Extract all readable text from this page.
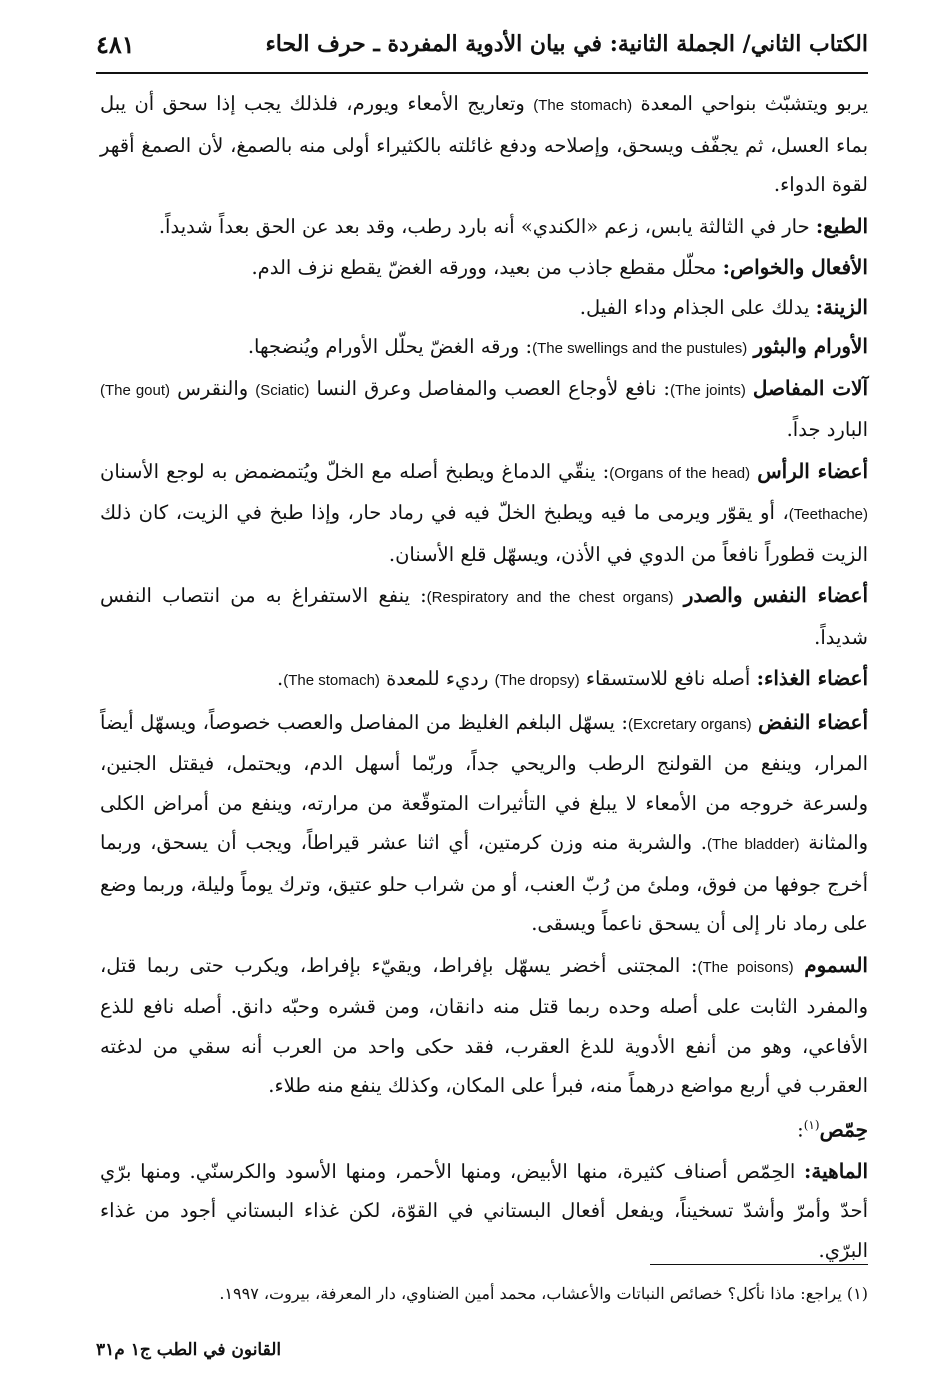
الكتاب الثاني/ الجملة الثانية: في بيان الأدوية المفردة ـ حرف الحاء
٤٨١

يربو ويتشبّث بنواحي المعدة (The stomach) وتعاريج الأمعاء ويورم، فلذلك يجب إذا سحق أن يبل بماء العسل، ثم يجفّف ويسحق، وإصلاحه ودفع غائلته بالكثيراء أولى منه بالصمغ، لأن الصمغ أقهر لقوة الدواء.

الطبع: حار في الثالثة يابس، زعم «الكندي» أنه بارد رطب، وقد بعد عن الحق بعداً شديداً.

الأفعال والخواص: محلّل مقطع جاذب من بعيد، وورقه الغضّ يقطع نزف الدم.

الزينة: يدلك على الجذام وداء الفيل.

الأورام والبثور (The swellings and the pustules): ورقه الغضّ يحلّل الأورام ويُنضجها.

آلات المفاصل (The joints): نافع لأوجاع العصب والمفاصل وعرق النسا (Sciatic) والنقرس (The gout) البارد جداً.

أعضاء الرأس (Organs of the head): ينقّي الدماغ ويطبخ أصله مع الخلّ ويُتمضمض به لوجع الأسنان (Teethache)، أو يقوّر ويرمى ما فيه ويطبخ الخلّ فيه في رماد حار، وإذا طبخ في الزيت، كان ذلك الزيت قطوراً نافعاً من الدوي في الأذن، ويسهّل قلع الأسنان.

أعضاء النفس والصدر (Respiratory and the chest organs): ينفع الاستفراغ به من انتصاب النفس شديداً.

أعضاء الغذاء: أصله نافع للاستسقاء (The dropsy) رديء للمعدة (The stomach).

أعضاء النفض (Excretary organs): يسهّل البلغم الغليظ من المفاصل والعصب خصوصاً، ويسهّل أيضاً المرار، وينفع من القولنج الرطب والريحي جداً، وربّما أسهل الدم، ويحتمل، فيقتل الجنين، ولسرعة خروجه من الأمعاء لا يبلغ في التأثيرات المتوقّعة من مرارته، وينفع من أمراض الكلى والمثانة (The bladder). والشربة منه وزن كرمتين، أي اثنا عشر قيراطاً، ويجب أن يسحق، وربما أخرج جوفها من فوق، وملئ من رُبّ العنب، أو من شراب حلو عتيق، وترك يوماً وليلة، وربما وضع على رماد نار إلى أن يسحق ناعماً ويسقى.

السموم (The poisons): المجتنى أخضر يسهّل بإفراط، ويقيّء بإفراط، ويكرب حتى ربما قتل، والمفرد الثابت على أصله وحده ربما قتل منه دانقان، ومن قشره وحبّه دانق. أصله نافع للذع الأفاعي، وهو من أنفع الأدوية للدغ العقرب، فقد حكى واحد من العرب أنه سقي من لدغته العقرب في أربع مواضع درهماً منه، فبرأ على المكان، وكذلك ينفع منه طلاء.

حِمّص$^{(١)}$:

الماهية: الحِمّص أصناف كثيرة، منها الأبيض، ومنها الأحمر، ومنها الأسود والكرسنّي. ومنها برّي أحدّ وأمرّ وأشدّ تسخيناً، ويفعل أفعال البستاني في القوّة، لكن غذاء البستاني أجود من غذاء البرّي.

(١) يراجع: ماذا نأكل؟ خصائص النباتات والأعشاب، محمد أمين الضناوي، دار المعرفة، بيروت، ١٩٩٧.
القانون في الطب ج١ م٣١
